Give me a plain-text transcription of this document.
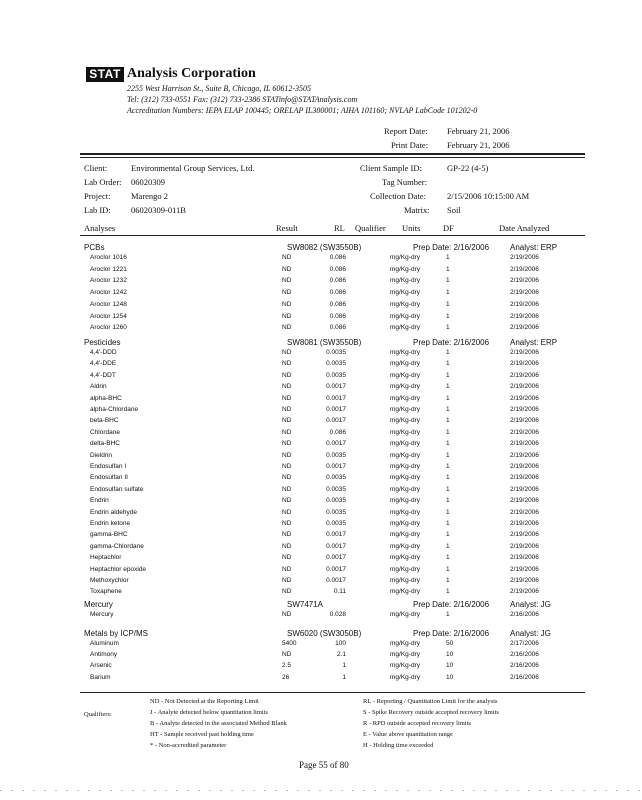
STAT Analysis Corporation
2255 West Harrison St., Suite B, Chicago, IL 60612-3505
Tel: (312) 733-0551 Fax: (312) 733-2386 STATinfo@STATAnalysis.com
Accreditation Numbers: IEPA ELAP 100445; ORELAP IL300001; AIHA 101160; NVLAP LabCode 101202-0
Report Date: February 21, 2006
Print Date: February 21, 2006
Client:	Environmental Group Services, Ltd.	Client Sample ID:	GP-22 (4-5)
Lab Order: 06020309	Tag Number:
Project: Marengo 2	Collection Date: 2/15/2006 10:15:00 AM
Lab ID: 06020309-011B	Matrix: Soil
Analyses	Result	RL Qualifier Units	DF	Date Analyzed
PCBs	SW8082 (SW3550B)	Prep Date: 2/16/2006	Analyst: ERP
Aroclor 1016	ND	0.086	mg/Kg-dry	1	2/19/2006
Aroclor 1221	ND	0.086	mg/Kg-dry	1	2/19/2006
Aroclor 1232	ND	0.086	mg/Kg-dry	1	2/19/2006
Aroclor 1242	ND	0.086	mg/Kg-dry	1	2/19/2006
Aroclor 1248	ND	0.086	mg/Kg-dry	1	2/19/2006
Aroclor 1254	ND	0.086	mg/Kg-dry	1	2/19/2006
Aroclor 1260	ND	0.086	mg/Kg-dry	1	2/19/2006
Pesticides	SW8081 (SW3550B)	Prep Date: 2/16/2006	Analyst: ERP
4,4'-DDD	ND	0.0035	mg/Kg-dry	1	2/19/2006
4,4'-DDE	ND	0.0035	mg/Kg-dry	1	2/19/2006
4,4'-DDT	ND	0.0035	mg/Kg-dry	1	2/19/2006
Aldrin	ND	0.0017	mg/Kg-dry	1	2/19/2006
alpha-BHC	ND	0.0017	mg/Kg-dry	1	2/19/2006
alpha-Chlordane	ND	0.0017	mg/Kg-dry	1	2/19/2006
beta-BHC	ND	0.0017	mg/Kg-dry	1	2/19/2006
Chlordane	ND	0.086	mg/Kg-dry	1	2/19/2006
delta-BHC	ND	0.0017	mg/Kg-dry	1	2/19/2006
Dieldrin	ND	0.0035	mg/Kg-dry	1	2/19/2006
Endosulfan I	ND	0.0017	mg/Kg-dry	1	2/19/2006
Endosulfan II	ND	0.0035	mg/Kg-dry	1	2/19/2006
Endosulfan sulfate	ND	0.0035	mg/Kg-dry	1	2/19/2006
Endrin	ND	0.0035	mg/Kg-dry	1	2/19/2006
Endrin aldehyde	ND	0.0035	mg/Kg-dry	1	2/19/2006
Endrin ketone	ND	0.0035	mg/Kg-dry	1	2/19/2006
gamma-BHC	ND	0.0017	mg/Kg-dry	1	2/19/2006
gamma-Chlordane	ND	0.0017	mg/Kg-dry	1	2/19/2006
Heptachlor	ND	0.0017	mg/Kg-dry	1	2/19/2006
Heptachlor epoxide	ND	0.0017	mg/Kg-dry	1	2/19/2006
Methoxychlor	ND	0.0017	mg/Kg-dry	1	2/19/2006
Toxaphene	ND	0.11	mg/Kg-dry	1	2/19/2006
Mercury	SW7471A	Prep Date: 2/16/2006	Analyst: JG
Mercury	ND	0.028	mg/Kg-dry	1	2/16/2006
Metals by ICP/MS	SW6020 (SW3050B)	Prep Date: 2/16/2006	Analyst: JG
Aluminum	5400	100	mg/Kg-dry	50	2/17/2006
Antimony	ND	2.1	mg/Kg-dry	10	2/16/2006
Arsenic	2.5	1	mg/Kg-dry	10	2/16/2006
Barium	26	1	mg/Kg-dry	10	2/16/2006
Qualifiers:
ND - Not Detected at the Reporting Limit
J - Analyte detected below quantitation limits
B - Analyte detected in the associated Method Blank
HT - Sample received past holding time
* - Non-accredited parameter
RL - Reporting / Quantitation Limit for the analysis
S - Spike Recovery outside accepted recovery limits
R - RPD outside accepted recovery limits
E - Value above quantitation range
H - Holding time exceeded
Page 55 of 80
